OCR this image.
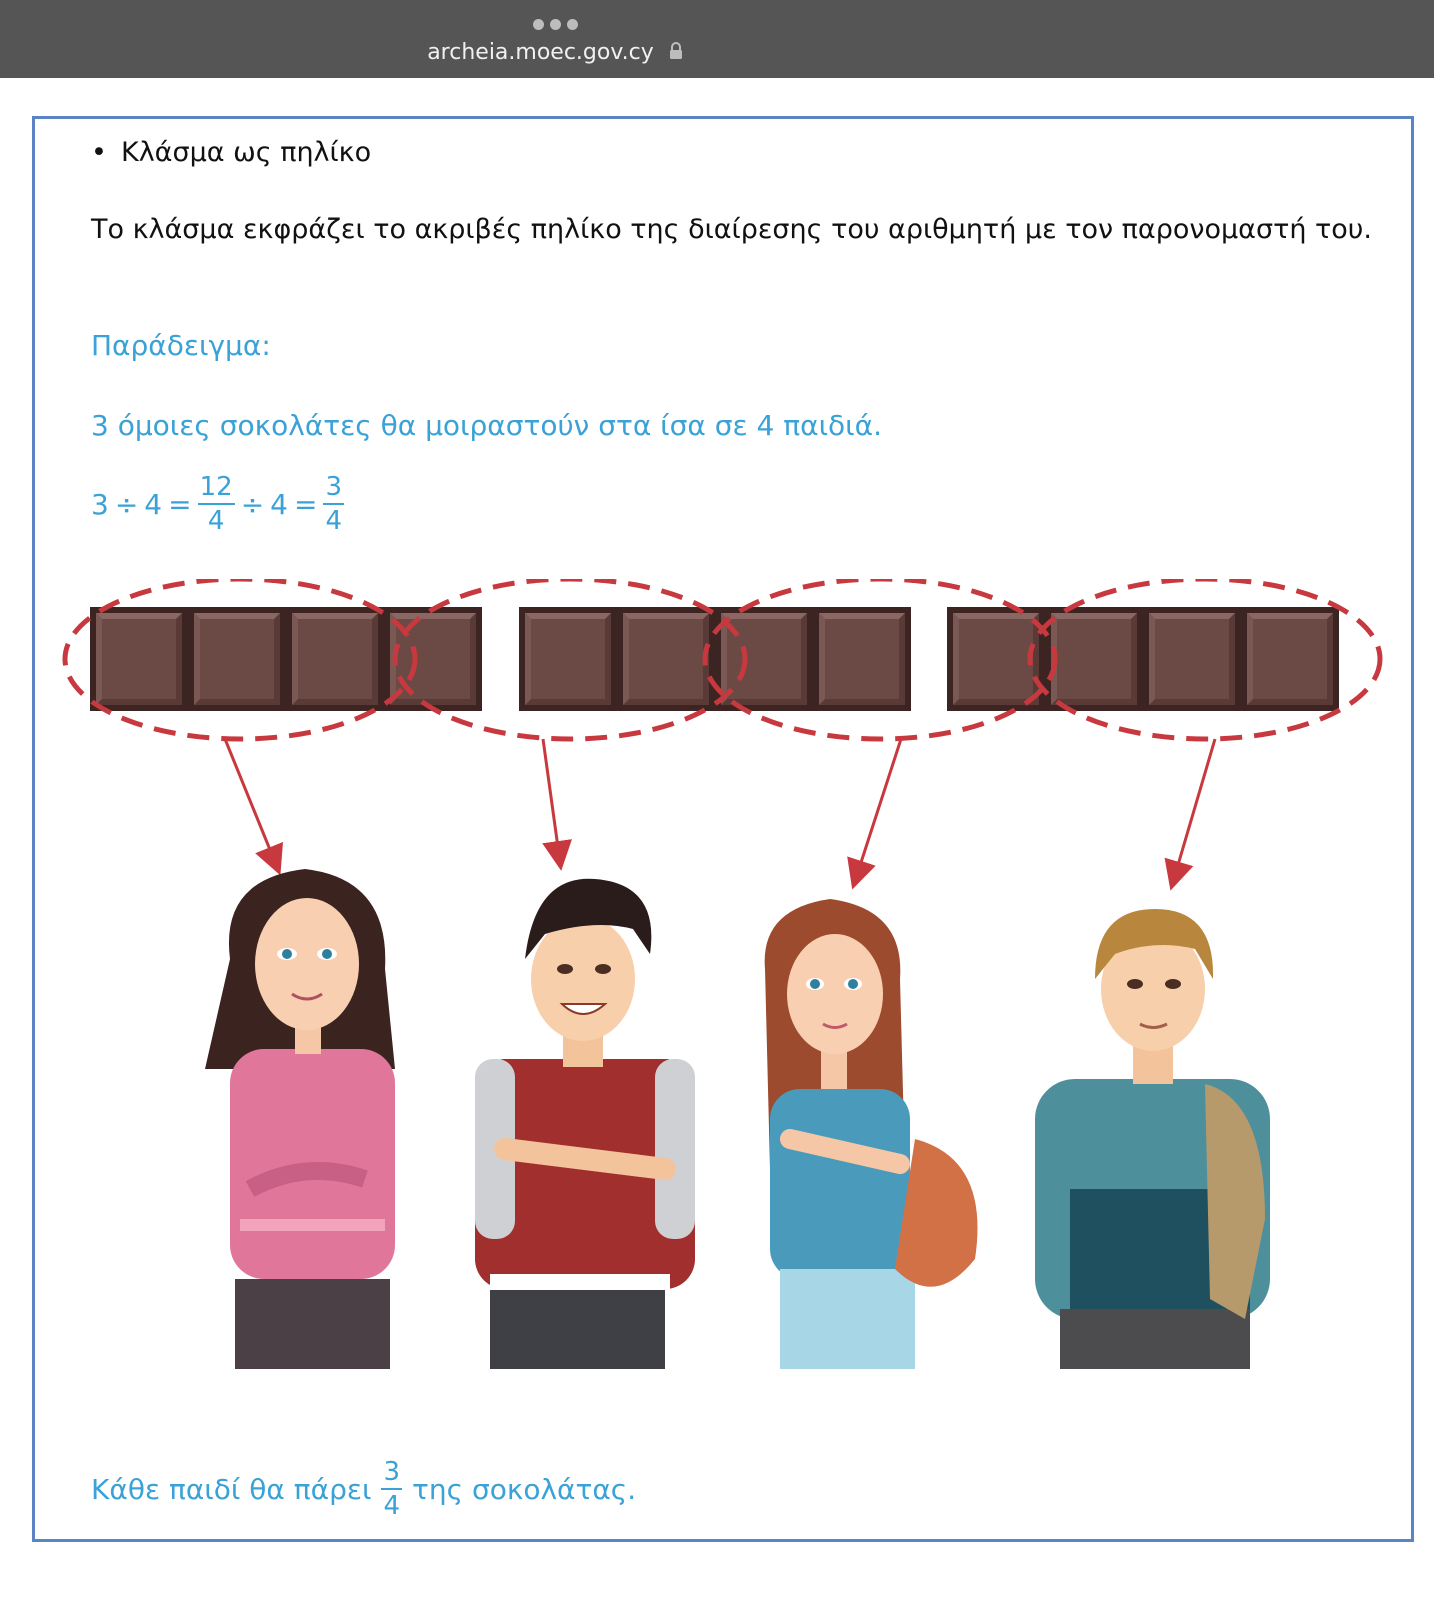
archeia.moec.gov.cy
• Κλάσμα ως πηλίκο
Το κλάσμα εκφράζει το ακριβές πηλίκο της διαίρεσης του αριθμητή με τον παρονομαστή του.
Παράδειγμα:
3 όμοιες σοκολάτες θα μοιραστούν στα ίσα σε 4 παιδιά.
$3 \div 4 = \frac{12}{4} \div 4 = \frac{3}{4}$
Κάθε παιδί θα πάρει $\frac{3}{4}$ της σοκολάτας.
